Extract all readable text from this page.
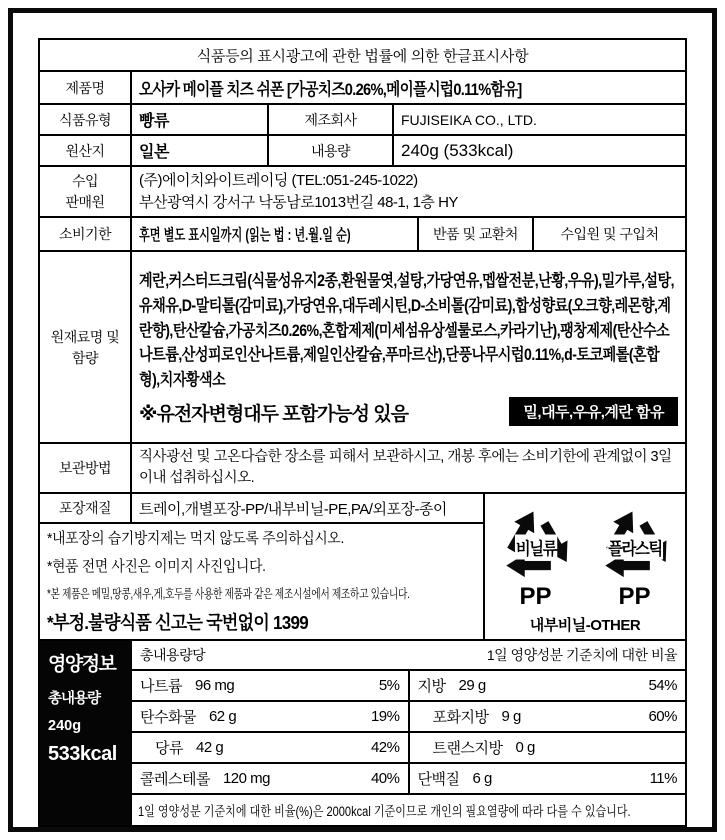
식품등의 표시광고에 관한 법률에 의한 한글표시사항
제품명	오사카 메이플 치즈 쉬폰 [가공치즈0.26%,메이플시럽0.11%함유]
식품유형	빵류	제조회사	FUJISEIKA CO., LTD.
원산지	일본	내용량	240g (533kcal)
수입
판매원
(주)에이치와이트레이딩 (TEL:051-245-1022)
부산광역시 강서구 낙동남로1013번길 48-1, 1층 HY
소비기한	후면 별도 표시일까지 (읽는 법 : 년.월.일 순)	반품 및 교환처	수입원 및 구입처
원재료명 및
함량
계란,커스터드크림(식물성유지2종,환원물엿,설탕,가당연유,멥쌀전분,난황,우유),밀가루,설탕,유채유,D-말티톨(감미료),가당연유,대두레시틴,D-소비톨(감미료),합성향료(오크향,레몬향,계란향),탄산칼슘,가공치즈0.26%,혼합제제(미세섬유상셀룰로스,카라기난),팽창제제(탄산수소나트륨,산성피로인산나트륨,제일인산칼슘,푸마르산),단풍나무시럽0.11%,d-토코페롤(혼합형),치자황색소
※유전자변형대두 포함가능성 있음	밀,대두,우유,계란 함유
보관방법
직사광선 및 고온다습한 장소를 피해서 보관하시고, 개봉 후에는 소비기한에 관계없이 3일 이내 섭취하십시오.
포장재질	트레이,개별포장-PP/내부비닐-PE,PA/외포장-종이
*내포장의 습기방지제는 먹지 않도록 주의하십시오.
*현품 전면 사진은 이미지 사진입니다.
*본 제품은 메밀,땅콩,새우,게,호두를 사용한 제품과 같은 제조시설에서 제조하고 있습니다.
*부정.불량식품 신고는 국번없이 1399
비닐류
PP
플라스틱
PP
내부비닐-OTHER
영양정보
총내용량
240g
533kcal
총내용량당	1일 영양성분 기준치에 대한 비율
나트륨 96 mg	5% 지방 29 g	54%
탄수화물 62 g	19%	포화지방 9 g	60%
당류 42 g	42%	트랜스지방 0 g
콜레스테롤 120 mg	40% 단백질 6 g	11%
1일 영양성분 기준치에 대한 비율(%)은 2000kcal 기준이므로 개인의 필요열량에 따라 다를 수 있습니다.
